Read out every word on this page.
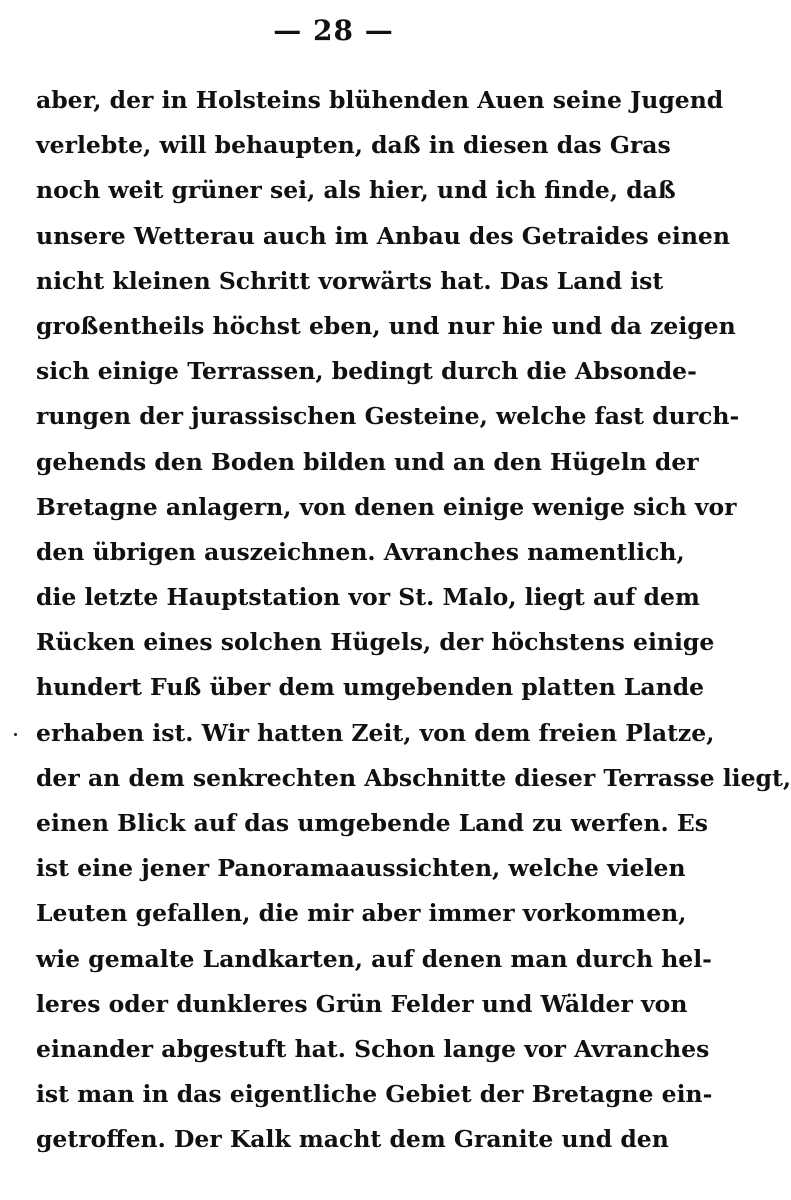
— 28 —
aber, der in Holsteins blühenden Auen seine Jugend
verlebte, will behaupten, daß in diesen das Gras
noch weit grüner sei, als hier, und ich finde, daß
unsere Wetterau auch im Anbau des Getraides einen
nicht kleinen Schritt vorwärts hat. Das Land ist
großentheils höchst eben, und nur hie und da zeigen
sich einige Terrassen, bedingt durch die Absonde-
rungen der jurassischen Gesteine, welche fast durch-
gehends den Boden bilden und an den Hügeln der
Bretagne anlagern, von denen einige wenige sich vor
den übrigen auszeichnen. Avranches namentlich,
die letzte Hauptstation vor St. Malo, liegt auf dem
Rücken eines solchen Hügels, der höchstens einige
hundert Fuß über dem umgebenden platten Lande
erhaben ist. Wir hatten Zeit, von dem freien Platze,
der an dem senkrechten Abschnitte dieser Terrasse liegt,
einen Blick auf das umgebende Land zu werfen. Es
ist eine jener Panoramaaussichten, welche vielen
Leuten gefallen, die mir aber immer vorkommen,
wie gemalte Landkarten, auf denen man durch hel-
leres oder dunkleres Grün Felder und Wälder von
einander abgestuft hat. Schon lange vor Avranches
ist man in das eigentliche Gebiet der Bretagne ein-
getroffen. Der Kalk macht dem Granite und den
